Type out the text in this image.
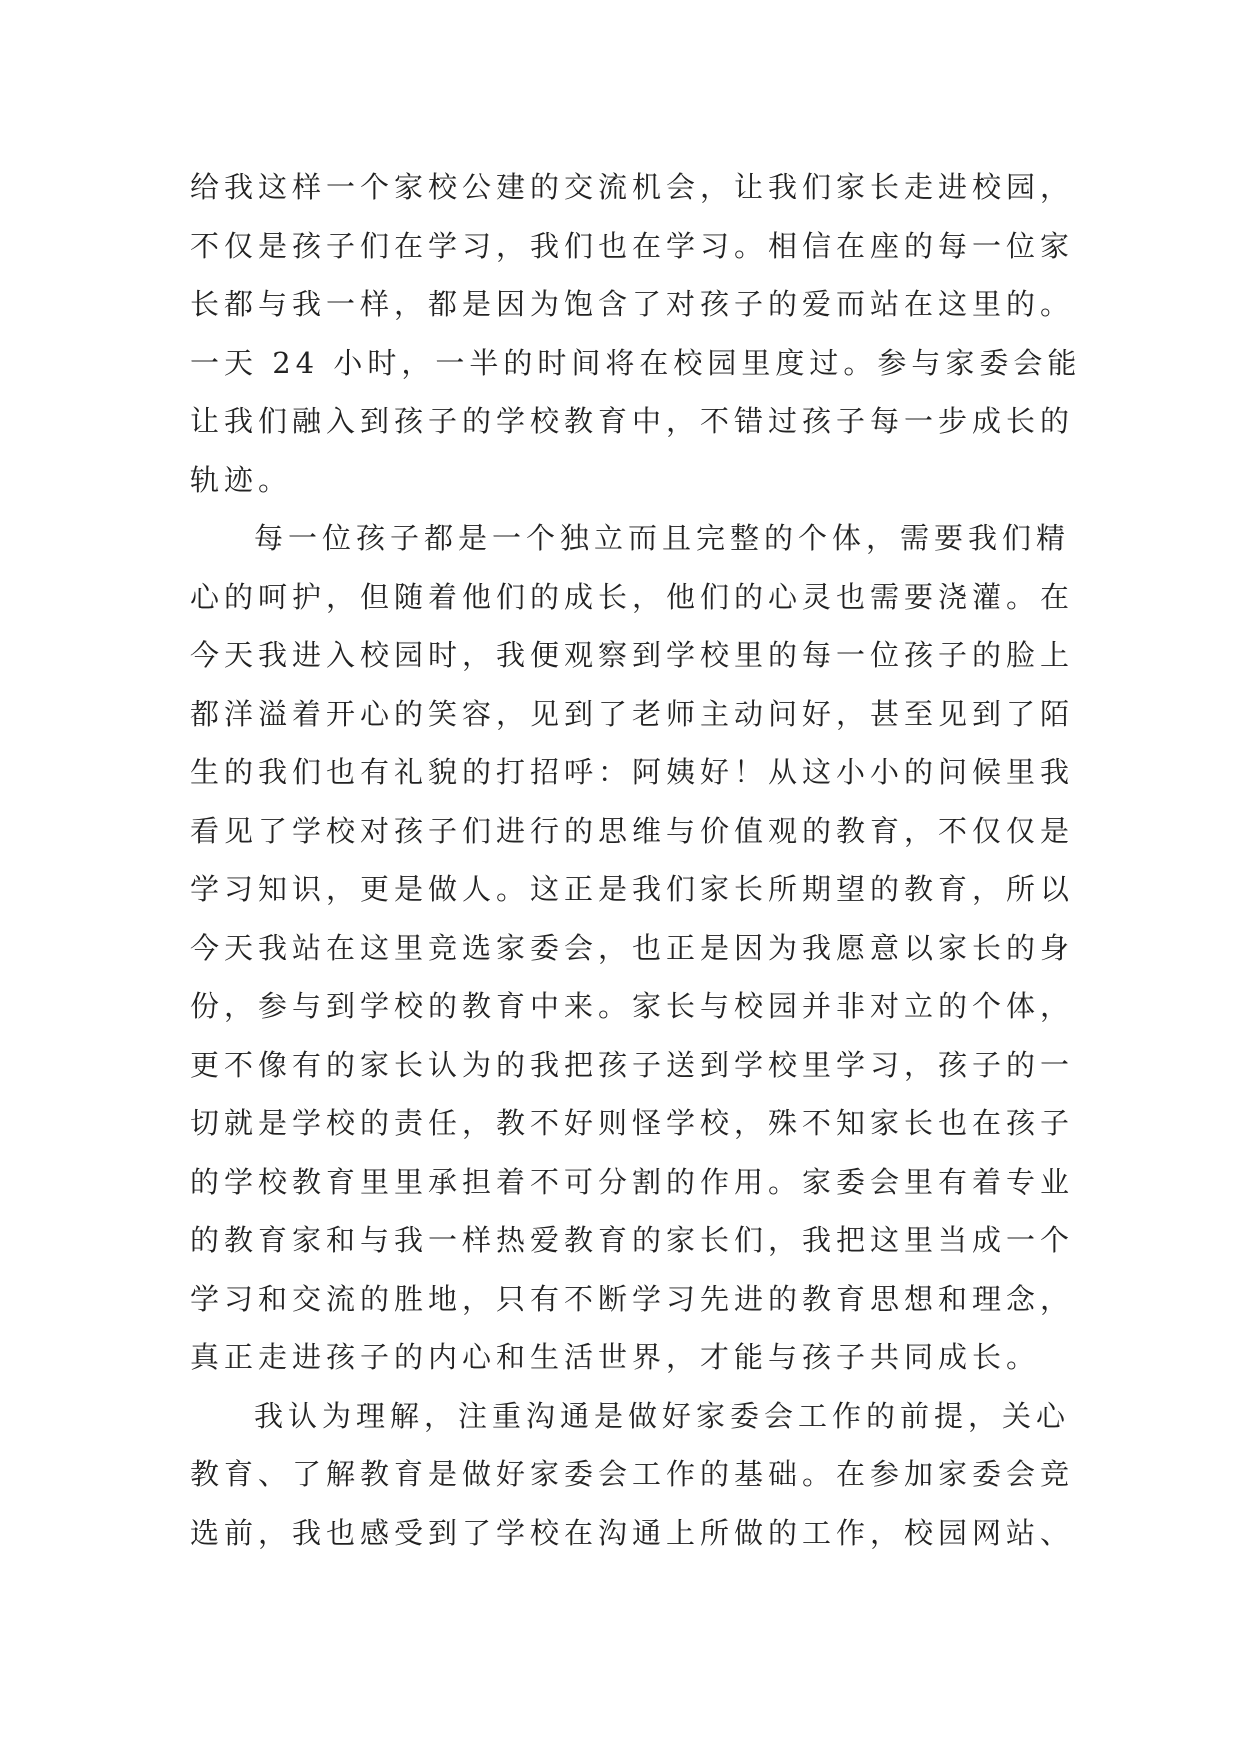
给我这样一个家校公建的交流机会，让我们家长走进校园，
不仅是孩子们在学习，我们也在学习。相信在座的每一位家
长都与我一样，都是因为饱含了对孩子的爱而站在这里的。
一天 24 小时，一半的时间将在校园里度过。参与家委会能
让我们融入到孩子的学校教育中，不错过孩子每一步成长的
轨迹。
每一位孩子都是一个独立而且完整的个体，需要我们精
心的呵护，但随着他们的成长，他们的心灵也需要浇灌。在
今天我进入校园时，我便观察到学校里的每一位孩子的脸上
都洋溢着开心的笑容，见到了老师主动问好，甚至见到了陌
生的我们也有礼貌的打招呼：阿姨好！从这小小的问候里我
看见了学校对孩子们进行的思维与价值观的教育，不仅仅是
学习知识，更是做人。这正是我们家长所期望的教育，所以
今天我站在这里竞选家委会，也正是因为我愿意以家长的身
份，参与到学校的教育中来。家长与校园并非对立的个体，
更不像有的家长认为的我把孩子送到学校里学习，孩子的一
切就是学校的责任，教不好则怪学校，殊不知家长也在孩子
的学校教育里里承担着不可分割的作用。家委会里有着专业
的教育家和与我一样热爱教育的家长们，我把这里当成一个
学习和交流的胜地，只有不断学习先进的教育思想和理念，
真正走进孩子的内心和生活世界，才能与孩子共同成长。
我认为理解，注重沟通是做好家委会工作的前提，关心
教育、了解教育是做好家委会工作的基础。在参加家委会竞
选前，我也感受到了学校在沟通上所做的工作，校园网站、
